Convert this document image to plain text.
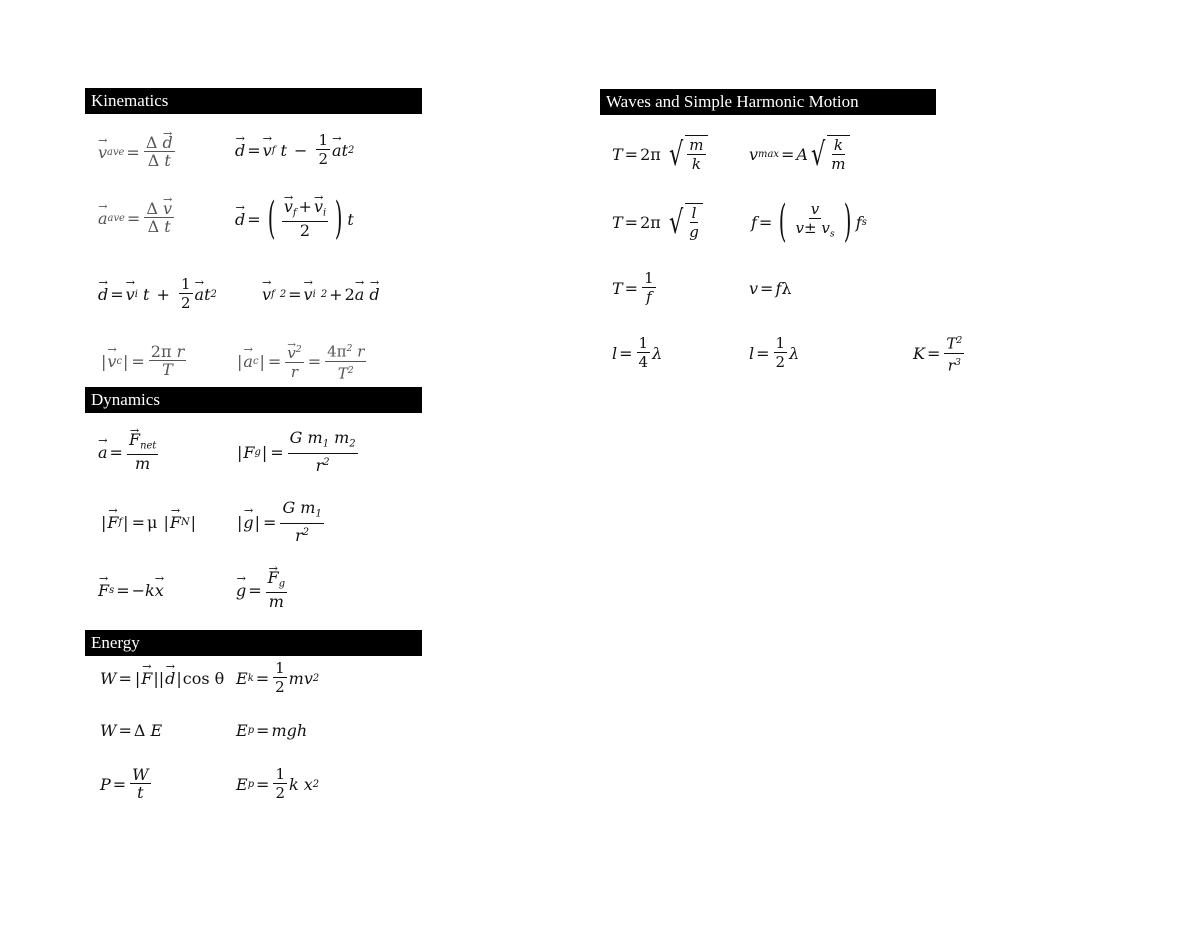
Kinematics
Dynamics
Energy
Waves and Simple Harmonic Motion
→ v ave = $\frac{\Delta \to d}{\text{Δ t}}$
→	d =
→ v f $t - \frac{1}{2}$
→ a t 2
→ a ave = $\frac{\Delta \to v}{\text{Δ t}}$
→	d = (
→ $\frac{v_f +\to v_i}{2}$ ) t
→ d =
→ v i $t + \frac{1}{2}$
→ a t 2
→	v f
2 =
→ v i
2 + 2
→ a

→ d
|
→ v c | = $\frac{\text{2π r}}{T}$	|
→ a c | =
→ $\frac{v^2}{r} = \frac{4\pi^2 r}{T^2}$
→ a =
→ $\frac{F_{net}}{m}$	| F g | = $\frac{G m_1 m_2}{r^2}$
|
→ F f | = μ
|
→ F N |	|
→ g | = $\frac{G m_1}{r^2}$
→ F s = −k
→ x
→	g =
→ $\frac{F_g}{m}$
W = |
→ F ||
→ d | cos θ E $k = \frac{1}{2}$ mv 2
W = Δ E	E p = mgh
$P = \frac{W}{t}$	E $p = \frac{1}{2}$ k x 2
T = 2π
√ $\frac{m}{k}$	v max = A √ $\frac{k}{m}$
T = 2π
√ $\frac{l}{g}$	f = ( $\frac{v}{v\pm v_s}$ ) f s
$T = \frac{1}{f}$	v = f λ
$l = \frac{1}{4}$ λ	$l = \frac{1}{2}$ λ	$K = \frac{T^2}{r^3}$
